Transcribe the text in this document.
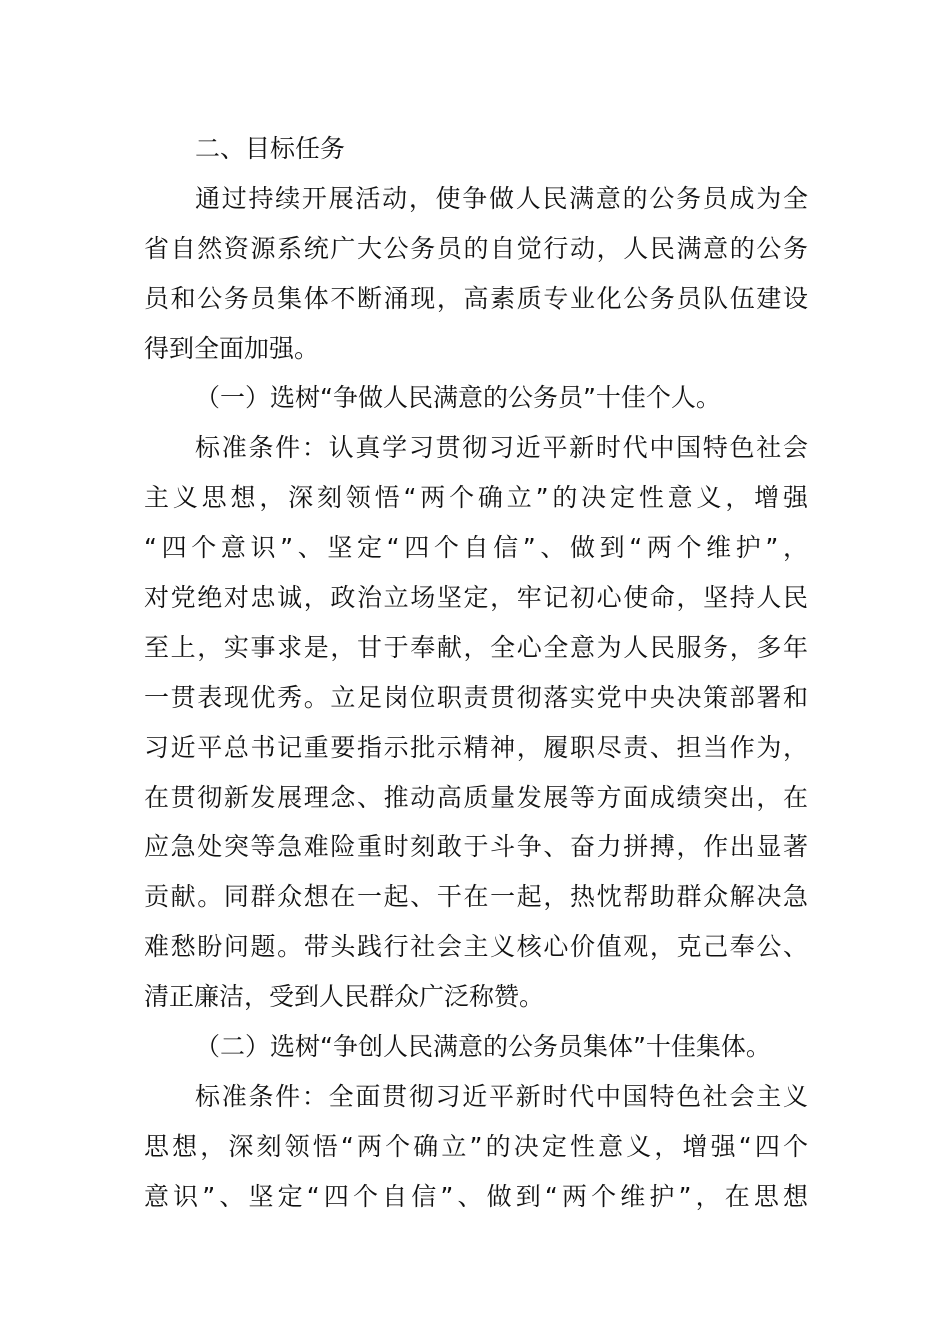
二、目标任务
通过持续开展活动，使争做人民满意的公务员成为全
省自然资源系统广大公务员的自觉行动，人民满意的公务
员和公务员集体不断涌现，高素质专业化公务员队伍建设
得到全面加强。
（一）选树“争做人民满意的公务员”十佳个人。
标准条件：认真学习贯彻习近平新时代中国特色社会
主义思想，深刻领悟“两个确立”的决定性意义，增强
“四个意识”、坚定“四个自信”、做到“两个维护”，
对党绝对忠诚，政治立场坚定，牢记初心使命，坚持人民
至上，实事求是，甘于奉献，全心全意为人民服务，多年
一贯表现优秀。立足岗位职责贯彻落实党中央决策部署和
习近平总书记重要指示批示精神，履职尽责、担当作为，
在贯彻新发展理念、推动高质量发展等方面成绩突出，在
应急处突等急难险重时刻敢于斗争、奋力拼搏，作出显著
贡献。同群众想在一起、干在一起，热忱帮助群众解决急
难愁盼问题。带头践行社会主义核心价值观，克己奉公、
清正廉洁，受到人民群众广泛称赞。
（二）选树“争创人民满意的公务员集体”十佳集体。
标准条件：全面贯彻习近平新时代中国特色社会主义
思想，深刻领悟“两个确立”的决定性意义，增强“四个
意识”、坚定“四个自信”、做到“两个维护”，在思想
